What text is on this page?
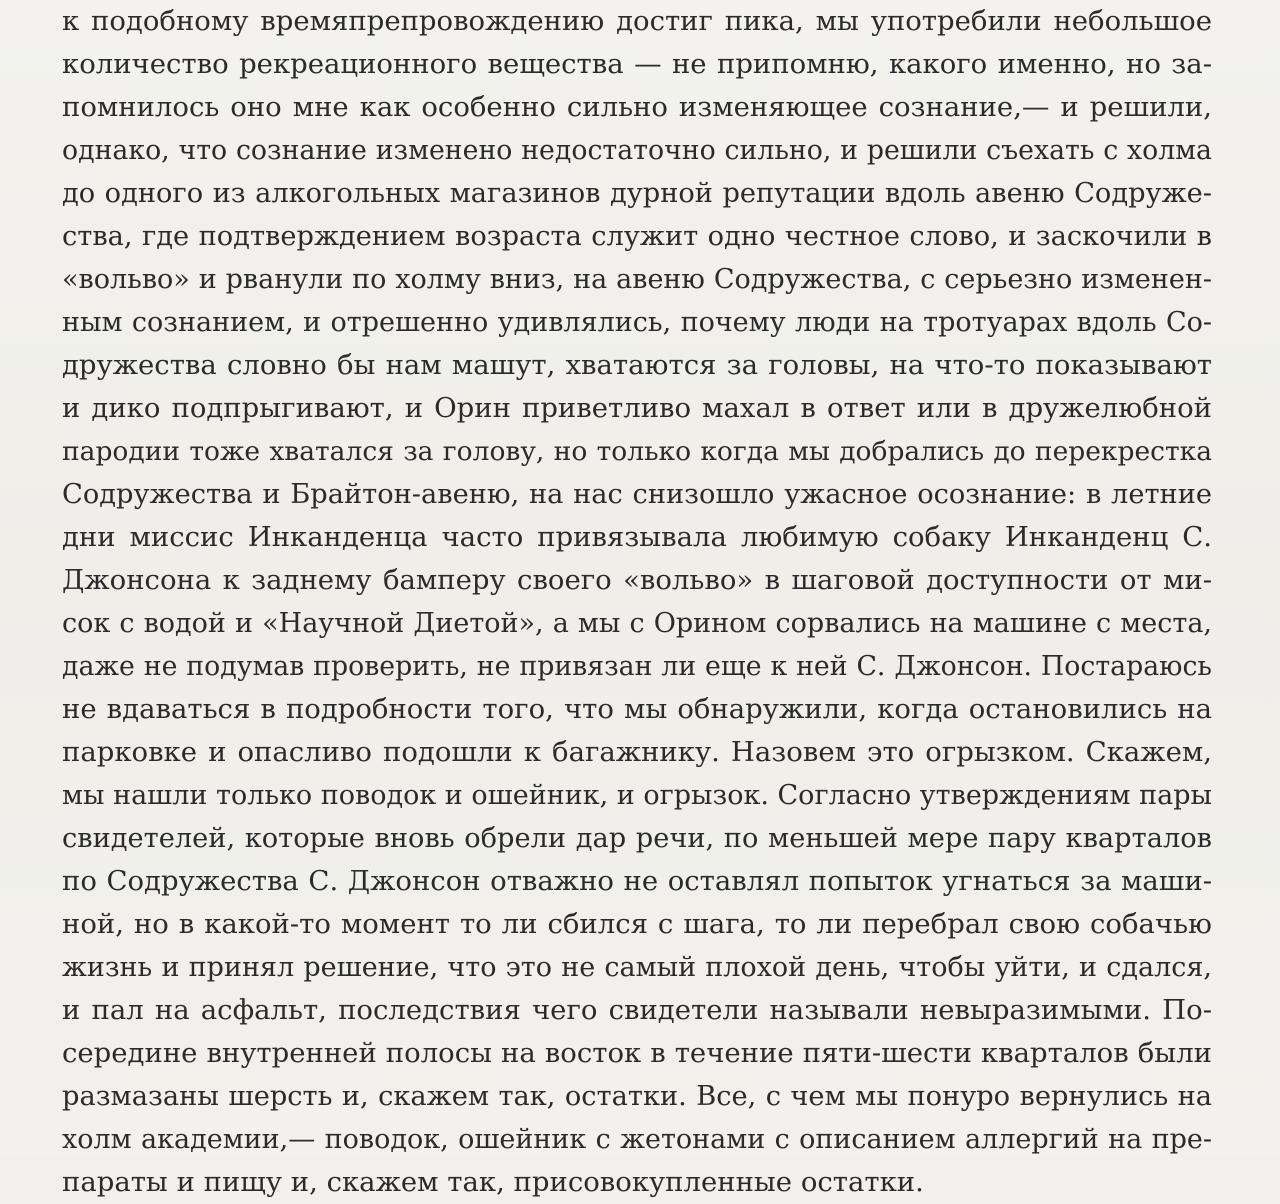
к подобному времяпрепровождению достиг пика, мы употребили небольшое
количество рекреационного вещества — не припомню, какого именно, но за-
помнилось оно мне как особенно сильно изменяющее сознание,— и решили,
однако, что сознание изменено недостаточно сильно, и решили съехать с холма
до одного из алкогольных магазинов дурной репутации вдоль авеню Содруже-
ства, где подтверждением возраста служит одно честное слово, и заскочили в
«вольво» и рванули по холму вниз, на авеню Содружества, с серьезно изменен-
ным сознанием, и отрешенно удивлялись, почему люди на тротуарах вдоль Со-
дружества словно бы нам машут, хватаются за головы, на что-то показывают
и дико подпрыгивают, и Орин приветливо махал в ответ или в дружелюбной
пародии тоже хватался за голову, но только когда мы добрались до перекрестка
Содружества и Брайтон-авеню, на нас снизошло ужасное осознание: в летние
дни миссис Инканденца часто привязывала любимую собаку Инканденц С.
Джонсона к заднему бамперу своего «вольво» в шаговой доступности от ми-
сок с водой и «Научной Диетой», а мы с Орином сорвались на машине с места,
даже не подумав проверить, не привязан ли еще к ней С. Джонсон. Постараюсь
не вдаваться в подробности того, что мы обнаружили, когда остановились на
парковке и опасливо подошли к багажнику. Назовем это огрызком. Скажем,
мы нашли только поводок и ошейник, и огрызок. Согласно утверждениям пары
свидетелей, которые вновь обрели дар речи, по меньшей мере пару кварталов
по Содружества С. Джонсон отважно не оставлял попыток угнаться за маши-
ной, но в какой-то момент то ли сбился с шага, то ли перебрал свою собачью
жизнь и принял решение, что это не самый плохой день, чтобы уйти, и сдался,
и пал на асфальт, последствия чего свидетели называли невыразимыми. По-
середине внутренней полосы на восток в течение пяти-шести кварталов были
размазаны шерсть и, скажем так, остатки. Все, с чем мы понуро вернулись на
холм академии,— поводок, ошейник с жетонами с описанием аллергий на пре-
параты и пищу и, скажем так, присовокупленные остатки.
